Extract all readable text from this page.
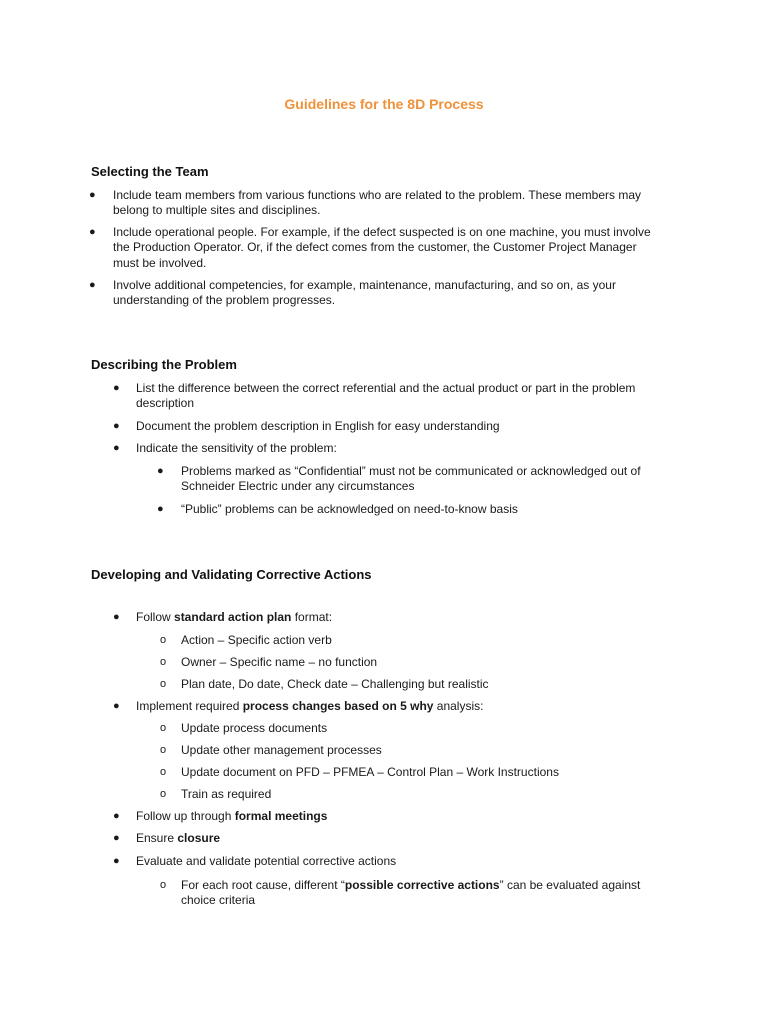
Guidelines for the 8D Process
Selecting the Team
● Include team members from various functions who are related to the problem. These members may
belong to multiple sites and disciplines.
● Include operational people. For example, if the defect suspected is on one machine, you must involve
the Production Operator. Or, if the defect comes from the customer, the Customer Project Manager
must be involved.
● Involve additional competencies, for example, maintenance, manufacturing, and so on, as your
understanding of the problem progresses.
Describing the Problem
● List the difference between the correct referential and the actual product or part in the problem
description
● Document the problem description in English for easy understanding
● Indicate the sensitivity of the problem:
● Problems marked as “Confidential” must not be communicated or acknowledged out of
Schneider Electric under any circumstances
● “Public” problems can be acknowledged on need-to-know basis
Developing and Validating Corrective Actions
● Follow standard action plan format:
o Action – Specific action verb
o Owner – Specific name – no function
o Plan date, Do date, Check date – Challenging but realistic
● Implement required process changes based on 5 why analysis:
o Update process documents
o Update other management processes
o Update document on PFD – PFMEA – Control Plan – Work Instructions
o Train as required
● Follow up through formal meetings
● Ensure closure
● Evaluate and validate potential corrective actions
o For each root cause, different “possible corrective actions” can be evaluated against
choice criteria
